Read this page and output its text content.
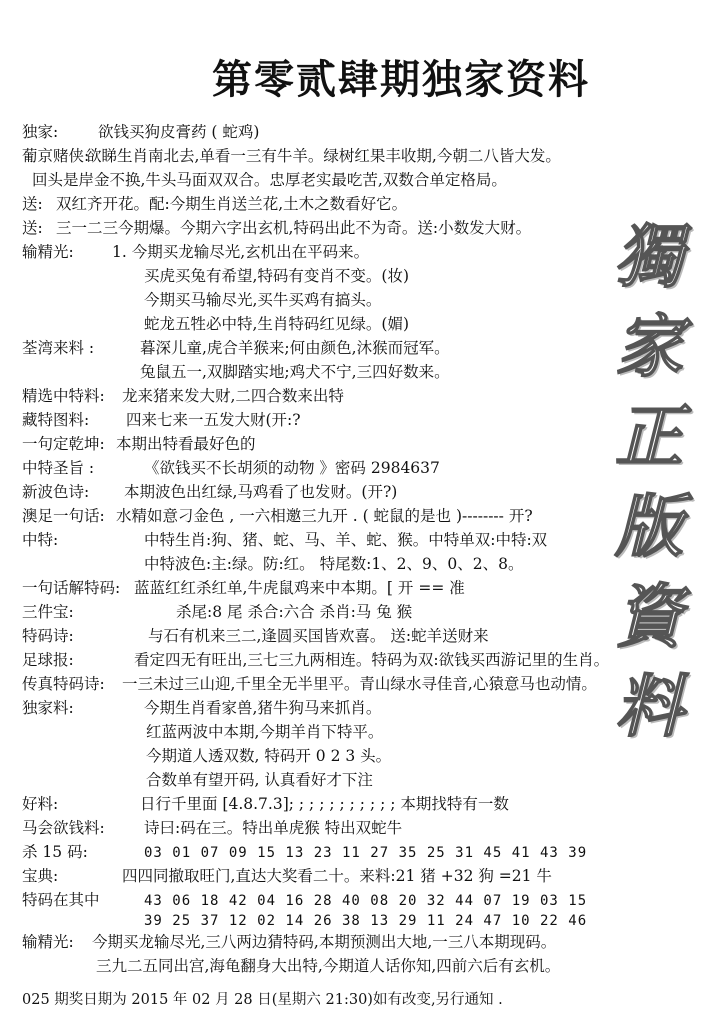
第零贰肆期独家资料
獨
家
正
版
資
料
独家:	欲钱买狗皮膏药 ( 蛇鸡)
葡京赌侠:欲睇生肖南北去,单看一三有牛羊。绿树红果丰收期,今朝二八皆大发。
回头是岸金不换,牛头马面双双合。忠厚老实最吃苦,双数合单定格局。
送: 双红齐开花。配:今期生肖送兰花,土木之数看好它。
送: 三一二三今期爆。今期六字出玄机,特码出此不为奇。送:小数发大财。
输精光: 1. 今期买龙输尽光,玄机出在平码来。
买虎买兔有希望,特码有变肖不变。(妆)
今期买马输尽光,买牛买鸡有搞头。
蛇龙五牲必中特,生肖特码红见绿。(媚)
荃湾来料 :	暮深儿童,虎合羊猴来;何由颜色,沐猴而冠军。
兔鼠五一,双脚踏实地;鸡犬不宁,三四好数来。
精选中特料: 龙来猪来发大财,二四合数来出特
藏特图料: 四来七来一五发大财(开:?
一句定乾坤: 本期出特看最好色的
中特圣旨 :	《欲钱买不长胡须的动物 》密码 2984637
新波色诗: 本期波色出红绿,马鸡看了也发财。(开?)
澳足一句话: 水精如意刁金色 , 一六相邀三九开 . ( 蛇鼠的是也 )-------- 开?
中特:	中特生肖:狗、猪、蛇、马、羊、蛇、猴。中特单双:中特:双
中特波色:主:绿。防:红。 特尾数:1、2、9、0、2、8。
一句话解特码: 蓝蓝红红杀红单,牛虎鼠鸡来中本期。[ 开 == 准
三件宝:	杀尾:8 尾 杀合:六合 杀肖:马 兔 猴
特码诗:	与石有机来三二,逢圆买国皆欢喜。 送:蛇羊送财来
足球报:	看定四无有旺出,三七三九两相连。特码为双:欲钱买西游记里的生肖。
传真特码诗: 一三未过三山迎,千里全无半里平。青山绿水寻佳音,心猿意马也动情。
独家料:	今期生肖看家兽,猪牛狗马来抓肖。
红蓝两波中本期,今期羊肖下特平。
今期道人透双数, 特码开 0 2 3 头。
合数单有望开码, 认真看好才下注
好料:	日行千里面 [4.8.7.3]; ; ; ; ; ; ; ; ; ; ; 本期找特有一数
马会欲钱料:	诗曰:码在三。特出单虎猴 特出双蛇牛
杀 15 码:	03 01 07 09 15 13 23 11 27 35 25 31 45 41 43 39
宝典:	四四同撤取旺门,直达大奖看二十。来料:21 猪 +32 狗 =21 牛
特码在其中	43 06 18 42 04 16 28 40 08 20 32 44 07 19 03 15
39 25 37 12 02 14 26 38 13 29 11 24 47 10 22 46
输精光: 今期买龙输尽光,三八两边猜特码,本期预测出大地,一三八本期现码。
三九二五同出宫,海龟翻身大出特,今期道人话你知,四前六后有玄机。
025 期奖日期为 2015 年 02 月 28 日(星期六 21:30)如有改变,另行通知 .
